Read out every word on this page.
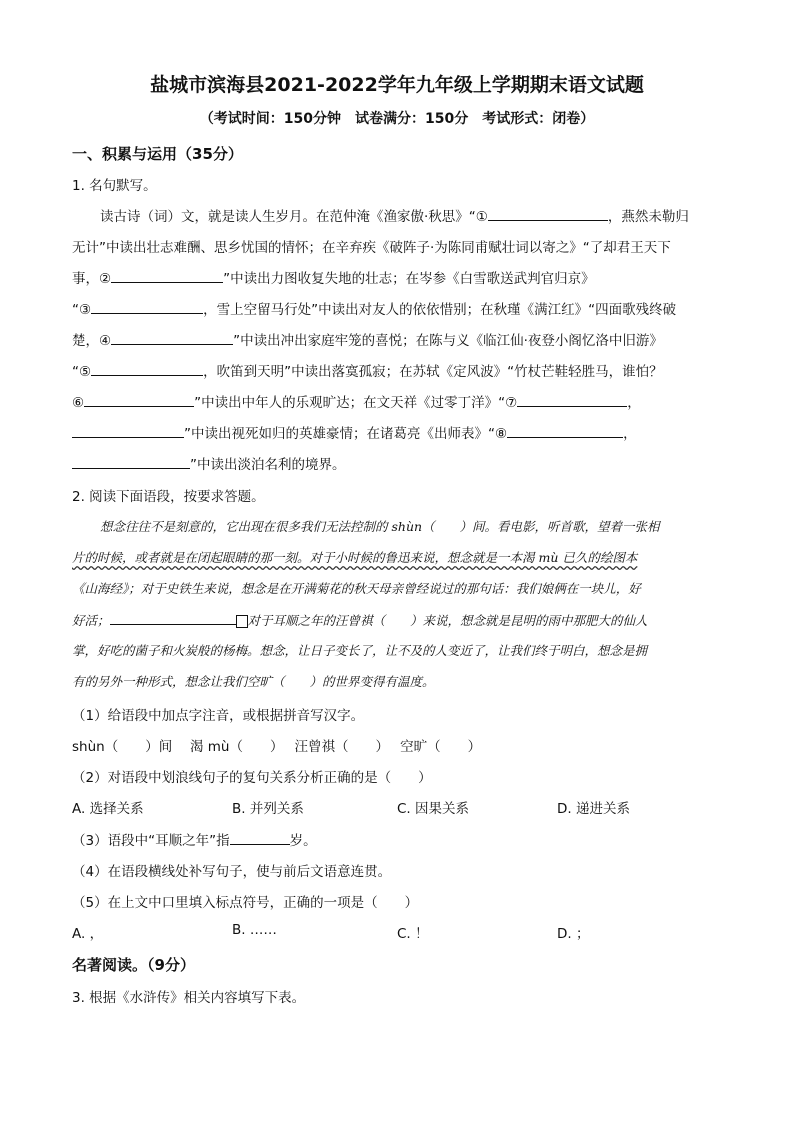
盐城市滨海县2021-2022学年九年级上学期期末语文试题
（考试时间：150分钟　试卷满分：150分　考试形式：闭卷）
一、积累与运用（35分）
1. 名句默写。
读古诗（词）文，就是读人生岁月。在范仲淹《渔家傲·秋思》“①	，燕然未勒归
无计”中读出壮志难酬、思乡忧国的情怀；在辛弃疾《破阵子·为陈同甫赋壮词以寄之》“了却君王天下
事，②	”中读出力图收复失地的壮志；在岑参《白雪歌送武判官归京》
“③	，雪上空留马行处”中读出对友人的依依惜别；在秋瑾《满江红》“四面歌残终破
楚，④	”中读出冲出家庭牢笼的喜悦；在陈与义《临江仙·夜登小阁忆洛中旧游》
“⑤	，吹笛到天明”中读出落寞孤寂；在苏轼《定风波》“竹杖芒鞋轻胜马，谁怕？
⑥	”中读出中年人的乐观旷达；在文天祥《过零丁洋》“⑦	，
”中读出视死如归的英雄豪情；在诸葛亮《出师表》“⑧	，
”中读出淡泊名利的境界。
2. 阅读下面语段，按要求答题。
想念往往不是刻意的，它出现在很多我们无法控制的 shùn（　　）间。看电影，听首歌，望着一张相
片的时候，或者就是在闭起眼睛的那一刻。对于小时候的鲁迅来说，想念就是一本渴 mù 已久的绘图本
《山海经》；对于史铁生来说，想念是在开满菊花的秋天母亲曾经说过的那句话：我们娘俩在一块儿，好
好活；	对于耳顺之年的汪曾祺（　　）来说，想念就是昆明的雨中那肥大的仙人
掌，好吃的菌子和火炭般的杨梅。想念，让日子变长了，让不及的人变近了，让我们终于明白，想念是拥
有的另外一种形式，想念让我们空旷（　　）的世界变得有温度。
（1）给语段中加点字注音，或根据拼音写汉字。
shùn（　　）间　 渴 mù（　　）　 汪曾祺（　　）　 空旷（　　）
（2）对语段中划浪线句子的复句关系分析正确的是（　　）
A. 选择关系	B. 并列关系	C. 因果关系	D. 递进关系
（3）语段中“耳顺之年”指	岁。
（4）在语段横线处补写句子，使与前后文语意连贯。
（5）在上文中口里填入标点符号，正确的一项是（　　）
A. ，	B. ……	C. ！	D. ；
名著阅读。（9分）
3. 根据《水浒传》相关内容填写下表。
